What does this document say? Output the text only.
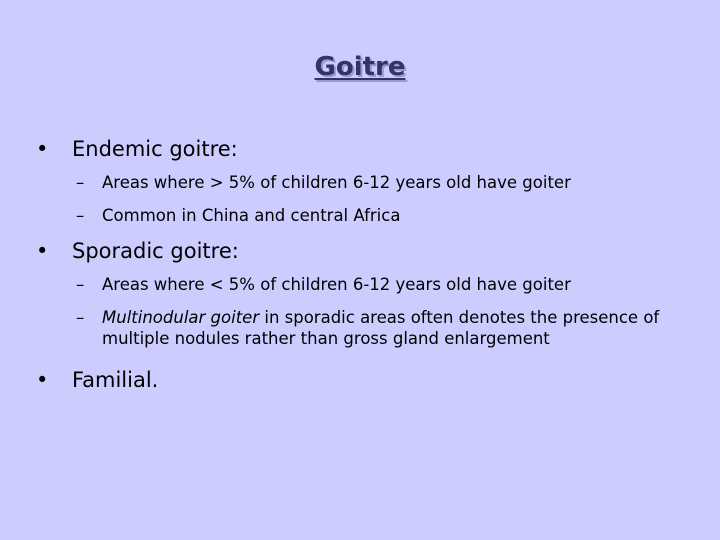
Goitre
•	Endemic goitre:
– Areas where > 5% of children 6-12 years old have goiter
– Common in China and central Africa
•	Sporadic goitre:
– Areas where < 5% of children 6-12 years old have goiter
– Multinodular goiter in sporadic areas often denotes the presence of multiple nodules rather than gross gland enlargement
•	Familial.
